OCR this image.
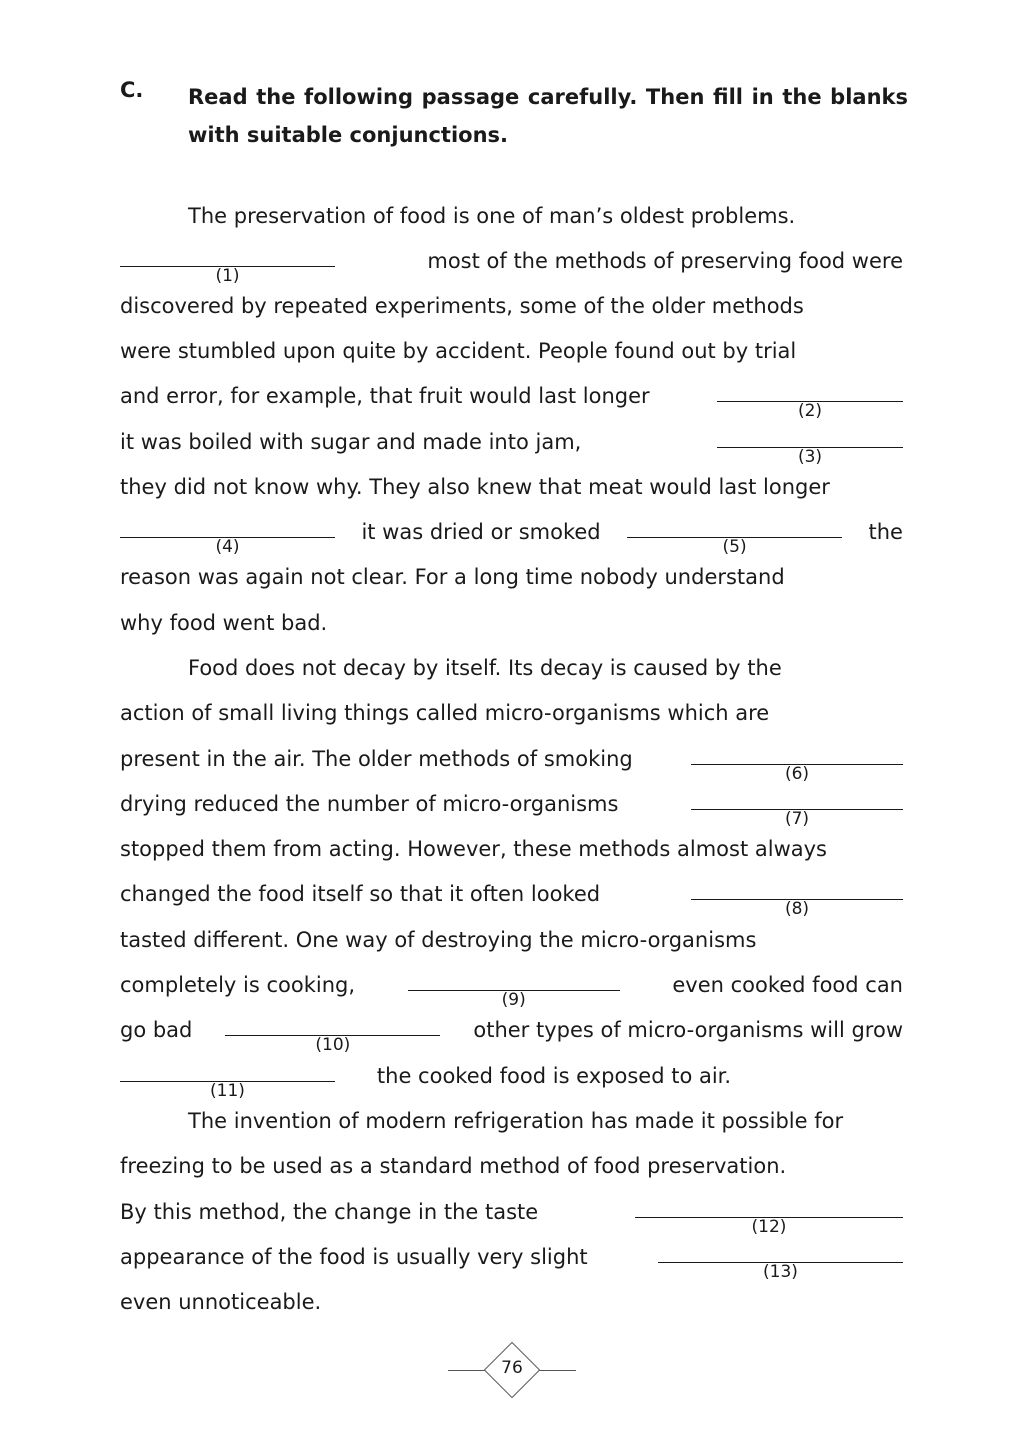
C. Read the following passage carefully. Then fill in the blanks with suitable conjunctions.
The preservation of food is one of man’s oldest problems.
(1)
most of the methods of preserving food were
discovered by repeated experiments, some of the older methods
were stumbled upon quite by accident. People found out by trial
and error, for example, that fruit would last longer
(2)
it was boiled with sugar and made into jam,
(3)
they did not know why. They also knew that meat would last longer
(4)
it was dried or smoked
(5)
the
reason was again not clear. For a long time nobody understand
why food went bad.
Food does not decay by itself. Its decay is caused by the
action of small living things called micro-organisms which are
present in the air. The older methods of smoking
(6)
drying reduced the number of micro-organisms
(7)
stopped them from acting. However, these methods almost always
changed the food itself so that it often looked
(8)
tasted different. One way of destroying the micro-organisms
completely is cooking,
(9)
even cooked food can
go bad
(10)
other types of micro-organisms will grow
(11)
the cooked food is exposed to air.
The invention of modern refrigeration has made it possible for
freezing to be used as a standard method of food preservation.
By this method, the change in the taste
(12)
appearance of the food is usually very slight
(13)
even unnoticeable.
76
